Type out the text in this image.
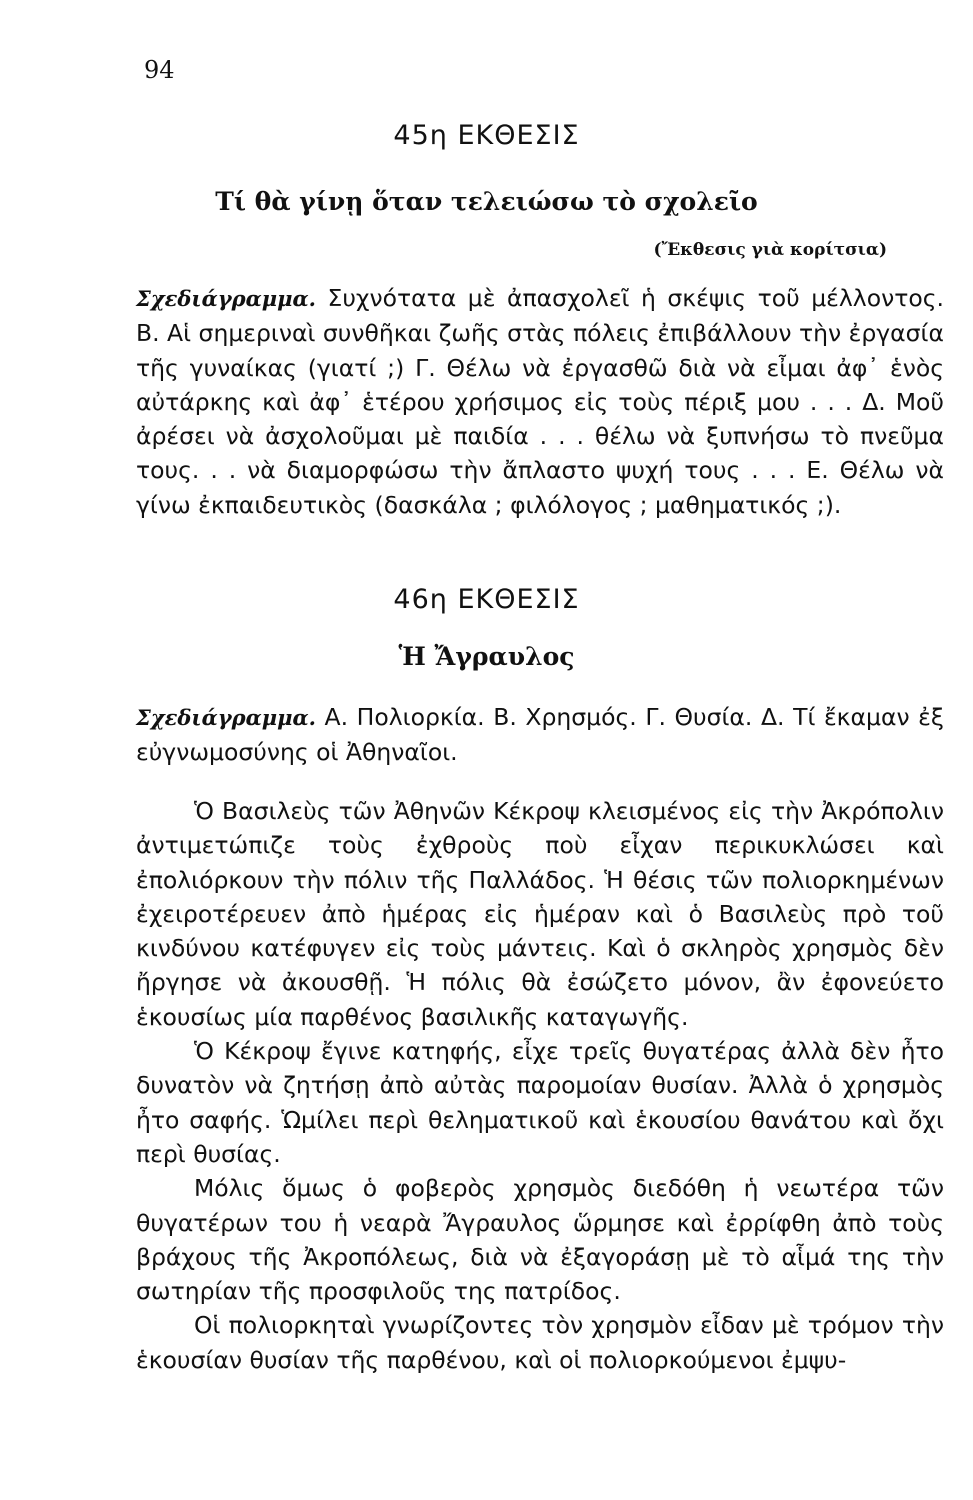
94
45η ΕΚΘΕΣΙΣ
Τί θὰ γίνῃ ὅταν τελειώσω τὸ σχολεῖο
(Ἔκθεσις γιὰ κορίτσια)

Σχεδιάγραμμα. Συχνότατα μὲ ἀπασχολεῖ ἡ σκέψις τοῦ μέλλοντος. Β. Αἱ σημεριναὶ συνθῆκαι ζωῆς στὰς πόλεις ἐπιβάλλουν τὴν ἐργασία τῆς γυναίκας (γιατί ;) Γ. Θέλω νὰ ἐργασθῶ διὰ νὰ εἶμαι ἀφ᾽ ἑνὸς αὐτάρκης καὶ ἀφ᾽ ἑτέρου χρήσιμος εἰς τοὺς πέριξ μου . . . Δ. Μοῦ ἀρέσει νὰ ἀσχολοῦμαι μὲ παιδία . . . θέλω νὰ ξυπνήσω τὸ πνεῦμα τους. . . νὰ διαμορφώσω τὴν ἄπλαστο ψυχή τους . . . Ε. Θέλω νὰ γίνω ἐκπαιδευτικὸς (δασκάλα ; φιλόλογος ; μαθηματικός ;).

46η ΕΚΘΕΣΙΣ
Ἡ Ἄγραυλος

Σχεδιάγραμμα. Α. Πολιορκία. Β. Χρησμός. Γ. Θυσία. Δ. Τί ἔκαμαν ἐξ εὐγνωμοσύνης οἱ Ἀθηναῖοι.

Ὁ Βασιλεὺς τῶν Ἀθηνῶν Κέκροψ κλεισμένος εἰς τὴν Ἀκρόπολιν ἀντιμετώπιζε τοὺς ἐχθροὺς ποὺ εἶχαν περικυκλώσει καὶ ἐπολιόρκουν τὴν πόλιν τῆς Παλλάδος. Ἡ θέσις τῶν πολιορκημένων ἐχειροτέρευεν ἀπὸ ἡμέρας εἰς ἡμέραν καὶ ὁ Βασιλεὺς πρὸ τοῦ κινδύνου κατέφυγεν εἰς τοὺς μάντεις. Καὶ ὁ σκληρὸς χρησμὸς δὲν ἤργησε νὰ ἀκουσθῇ. Ἡ πόλις θὰ ἐσώζετο μόνον, ἂν ἐφονεύετο ἑκουσίως μία παρθένος βασιλικῆς καταγωγῆς.

Ὁ Κέκροψ ἔγινε κατηφής, εἶχε τρεῖς θυγατέρας ἀλλὰ δὲν ἦτο δυνατὸν νὰ ζητήσῃ ἀπὸ αὐτὰς παρομοίαν θυσίαν. Ἀλλὰ ὁ χρησμὸς ἦτο σαφής. Ὡμίλει περὶ θεληματικοῦ καὶ ἑκουσίου θανάτου καὶ ὄχι περὶ θυσίας.

Μόλις ὅμως ὁ φοβερὸς χρησμὸς διεδόθη ἡ νεωτέρα τῶν θυγατέρων του ἡ νεαρὰ Ἄγραυλος ὥρμησε καὶ ἐρρίφθη ἀπὸ τοὺς βράχους τῆς Ἀκροπόλεως, διὰ νὰ ἐξαγοράσῃ μὲ τὸ αἷμά της τὴν σωτηρίαν τῆς προσφιλοῦς της πατρίδος.

Οἱ πολιορκηταὶ γνωρίζοντες τὸν χρησμὸν εἶδαν μὲ τρόμον τὴν ἑκουσίαν θυσίαν τῆς παρθένου, καὶ οἱ πολιορκούμενοι ἐμψυ-
